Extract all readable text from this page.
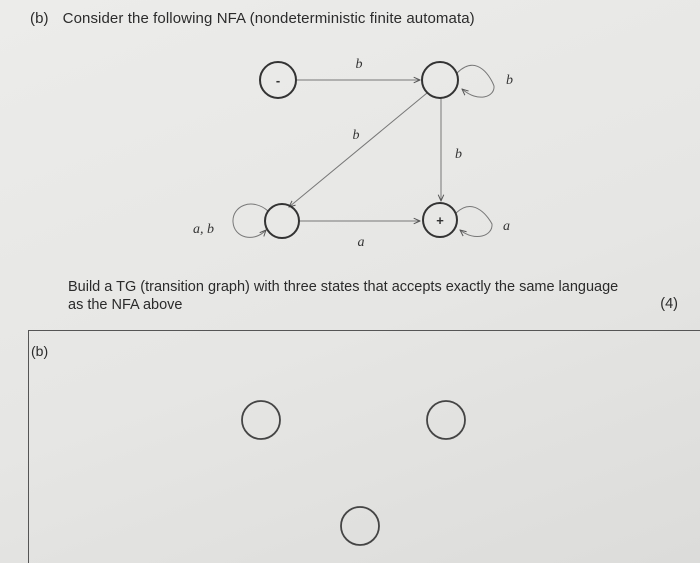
(b) Consider the following NFA (nondeterministic finite automata)
-
+
b
b
b
b
a, b
a
a
Build a TG (transition graph) with three states that accepts exactly the same language
as the NFA above	(4)
(b)
